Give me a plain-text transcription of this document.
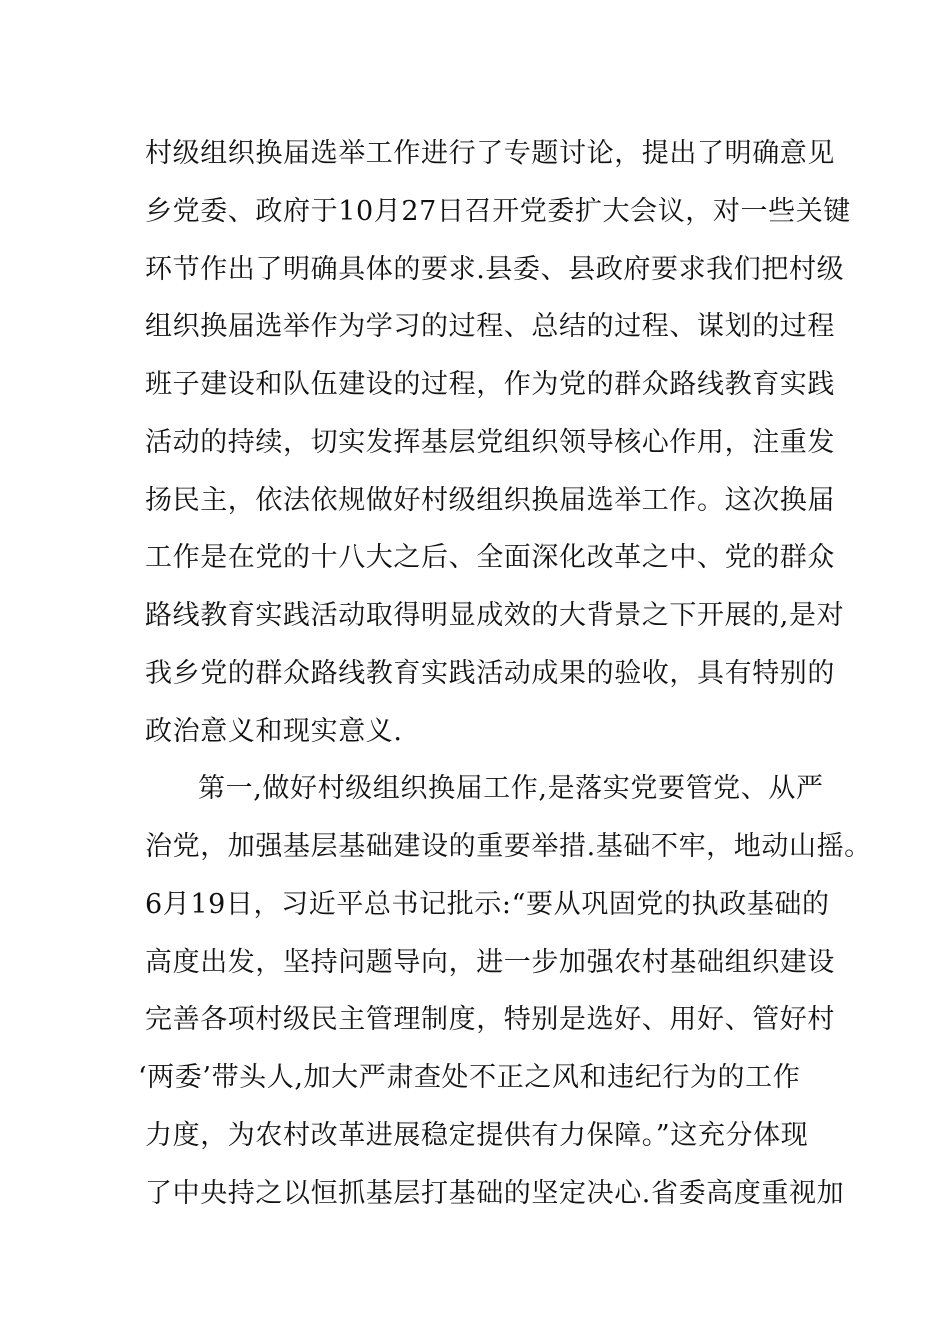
村级组织换届选举工作进行了专题讨论，提出了明确意见
乡党委、政府于10月27日召开党委扩大会议，对一些关键
环节作出了明确具体的要求.县委、县政府要求我们把村级
组织换届选举作为学习的过程、总结的过程、谋划的过程
班子建设和队伍建设的过程，作为党的群众路线教育实践
活动的持续，切实发挥基层党组织领导核心作用，注重发
扬民主，依法依规做好村级组织换届选举工作。这次换届
工作是在党的十八大之后、全面深化改革之中、党的群众
路线教育实践活动取得明显成效的大背景之下开展的,是对
我乡党的群众路线教育实践活动成果的验收，具有特别的
政治意义和现实意义.
第一,做好村级组织换届工作,是落实党要管党、从严
治党，加强基层基础建设的重要举措.基础不牢，地动山摇。
6月19日，习近平总书记批示:“要从巩固党的执政基础的
高度出发，坚持问题导向，进一步加强农村基础组织建设
完善各项村级民主管理制度，特别是选好、用好、管好村
‘两委’带头人,加大严肃查处不正之风和违纪行为的工作
力度，为农村改革进展稳定提供有力保障。”这充分体现
了中央持之以恒抓基层打基础的坚定决心.省委高度重视加
